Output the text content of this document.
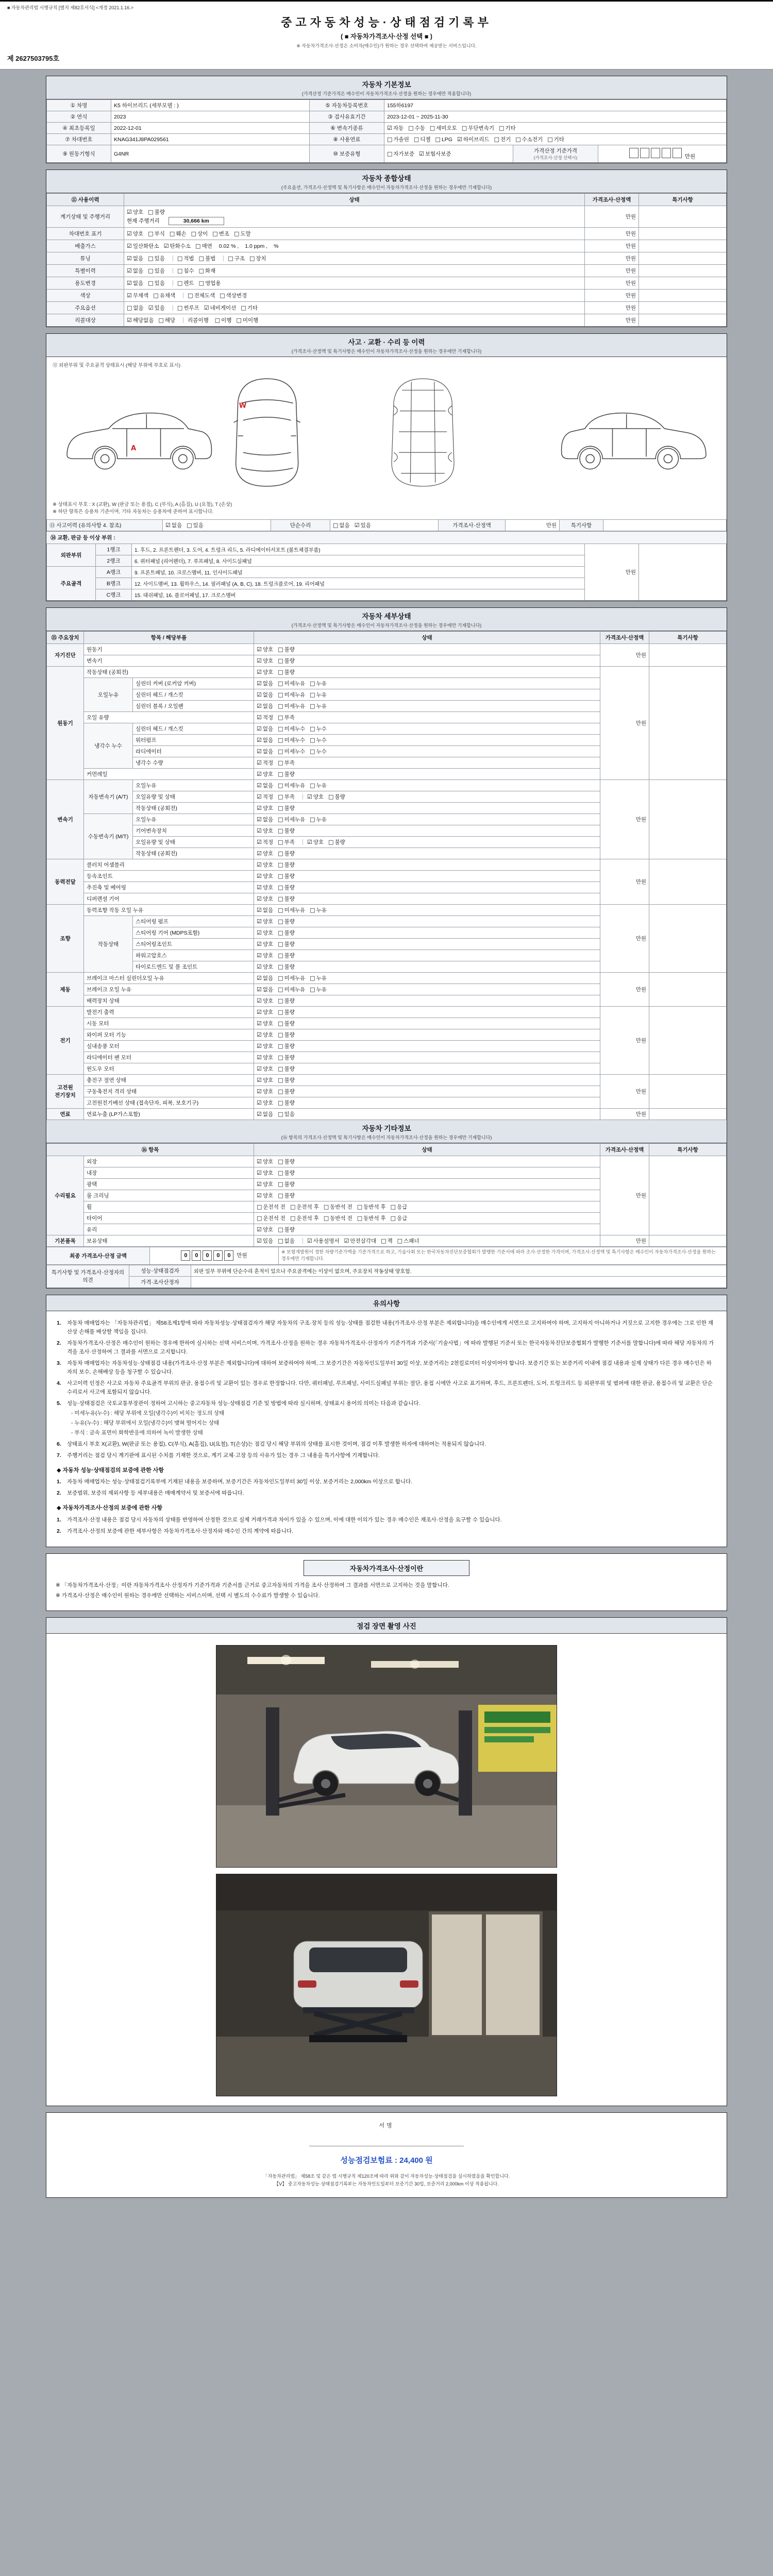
■ 자동차관리법 시행규칙 [별지 제82호서식] <개정 2021.1.16.>
중고자동차성능·상태점검기록부
( ■ 자동차가격조사·산정 선택 ■ )
※ 자동차가격조사·산정은 소비자(매수인)가 원하는 경우 선택하여 제공받는 서비스입니다.
제 2627503795호
자동차 기본정보
(가격산정 기준가격은 매수인이 자동차가격조사·산정을 원하는 경우에만 적용합니다)
① 차명	K5 하이브리드 (세부모델 : )	⑤ 자동차등록번호	155하6197		
② 연식	2023	③ 검사유효기간	2023-12-01 ~ 2025-11-30		
④ 최초등록일	2022-12-01	⑥ 변속기종류	☑ 자동 □ 수동 □ 세미오토 □ 무단변속기 □ 기타		
⑦ 차대번호	KNAG341J8PA029561	⑧ 사용연료	□ 가솔린 □ 디젤 □ LPG ☑ 하이브리드 □ 전기 □ 수소전기 □ 기타		
⑨ 원동기형식	G4NR	⑩ 보증유형	□ 자가보증 ☑ 보험사보증	가격산정 기준가격
(가격조사·산정 선택시)	만원
자동차 종합상태
(주요옵션, 가격조사·산정액 및 특기사항은 매수인이 자동차가격조사·산정을 원하는 경우에만 기재합니다)
⑪ 사용이력	상태	가격조사·산정액	특기사항
계기상태 및 주행거리	☑ 양호 □ 불량
현재 주행거리 30,666 km	만원	
차대번호 표기	☑ 양호 □ 부식 □ 훼손 □ 상이 □ 변조 □ 도말	만원	
배출가스	☑ 일산화탄소 ☑ 탄화수소 □ 매연 0.02 % , 1.0 ppm , %	만원	
튜닝	☑ 없음 □ 있음 □ 적법 □ 불법 □ 구조 □ 장치	만원	
특별이력	☑ 없음 □ 있음 □ 침수 □ 화재	만원	
용도변경	☑ 없음 □ 있음 □ 렌트 □ 영업용	만원	
색상	☑ 무채색 □ 유채색 □ 전체도색 □ 색상변경	만원	
주요옵션	□ 없음 ☑ 있음 □ 썬루프 ☑ 네비게이션 □ 기타	만원	
리콜대상	☑ 해당없음 □ 해당 리콜이행 □ 이행 □ 미이행	만원	
사고 · 교환 · 수리 등 이력
(가격조사·산정액 및 특기사항은 매수인이 자동차가격조사·산정을 원하는 경우에만 기재합니다)
⑫ 외판부위 및 주요골격 상태표시 (해당 부위에 부호로 표시)
W
A
※ 상태표시 부호 : X (교환), W (판금 또는 용접), C (부식), A (흠집), U (요철), T (손상)
※ 하단 항목은 승용차 기준이며, 기타 자동차는 승용차에 준하여 표시합니다.
⑬ 사고이력 (유의사항 4. 참조)	☑ 없음 □ 있음	단순수리	□ 없음 ☑ 있음	가격조사·산정액	만원	특기사항	
⑭ 교환, 판금 등 이상 부위 :
외판부위	1랭크	1. 후드, 2. 프론트펜더, 3. 도어, 4. 트렁크 리드, 5. 라디에이터서포트 (볼트체결부품)	만원	
	2랭크	6. 쿼터패널 (리어펜더), 7. 루프패널, 8. 사이드실패널		
주요골격	A랭크	9. 프론트패널, 10. 크로스멤버, 11. 인사이드패널		
	B랭크	12. 사이드멤버, 13. 휠하우스, 14. 필러패널 (A, B, C), 18. 트렁크플로어, 19. 리어패널		
	C랭크	15. 대쉬패널, 16. 플로어패널, 17. 크로스멤버		
자동차 세부상태
(가격조사·산정액 및 특기사항은 매수인이 자동차가격조사·산정을 원하는 경우에만 기재합니다)
⑮ 주요장치	항목 / 해당부품		상태	가격조사·산정액	특기사항
자기진단	원동기		☑ 양호 □ 불량	만원	
	변속기		☑ 양호 □ 불량		
원동기	작동상태 (공회전)		☑ 양호 □ 불량	만원	
	오일누유	실린더 커버 (로커암 커버)	☑ 없음 □ 미세누유 □ 누유		
		실린더 헤드 / 개스킷	☑ 없음 □ 미세누유 □ 누유		
		실린더 블록 / 오일팬	☑ 없음 □ 미세누유 □ 누유		
	오일 유량		☑ 적정 □ 부족		
	냉각수 누수	실린더 헤드 / 개스킷	☑ 없음 □ 미세누수 □ 누수		
		워터펌프	☑ 없음 □ 미세누수 □ 누수		
		라디에이터	☑ 없음 □ 미세누수 □ 누수		
		냉각수 수량	☑ 적정 □ 부족		
	커먼레일		☑ 양호 □ 불량		
변속기	자동변속기 (A/T)	오일누유	☑ 없음 □ 미세누유 □ 누유	만원	
		오일유량 및 상태	☑ 적정 □ 부족 ☑ 양호 □ 불량		
		작동상태 (공회전)	☑ 양호 □ 불량		
	수동변속기 (M/T)	오일누유	☑ 없음 □ 미세누유 □ 누유		
		기어변속장치	☑ 양호 □ 불량		
		오일유량 및 상태	☑ 적정 □ 부족 ☑ 양호 □ 불량		
		작동상태 (공회전)	☑ 양호 □ 불량		
동력전달	클러치 어셈블리		☑ 양호 □ 불량	만원	
	등속조인트		☑ 양호 □ 불량		
	추진축 및 베어링		☑ 양호 □ 불량		
	디퍼렌셜 기어		☑ 양호 □ 불량		
조향	동력조향 작동 오일 누유		☑ 없음 □ 미세누유 □ 누유	만원	
	작동상태	스티어링 펌프	☑ 양호 □ 불량		
		스티어링 기어 (MDPS포함)	☑ 양호 □ 불량		
		스티어링조인트	☑ 양호 □ 불량		
		파워고압호스	☑ 양호 □ 불량		
		타이로드엔드 및 볼 조인트	☑ 양호 □ 불량		
제동	브레이크 마스터 실린더오일 누유		☑ 없음 □ 미세누유 □ 누유	만원	
	브레이크 오일 누유		☑ 없음 □ 미세누유 □ 누유		
	배력장치 상태		☑ 양호 □ 불량		
전기	발전기 출력		☑ 양호 □ 불량	만원	
	시동 모터		☑ 양호 □ 불량		
	와이퍼 모터 기능		☑ 양호 □ 불량		
	실내송풍 모터		☑ 양호 □ 불량		
	라디에이터 팬 모터		☑ 양호 □ 불량		
	윈도우 모터		☑ 양호 □ 불량		
고전원 전기장치	충전구 절연 상태		☑ 양호 □ 불량	만원	
	구동축전지 격리 상태		☑ 양호 □ 불량		
	고전원전기배선 상태 (접속단자, 피복, 보호기구)		☑ 양호 □ 불량		
연료	연료누출 (LP가스포함)		☑ 없음 □ 있음	만원	
자동차 기타정보
(⑯ 항목의 가격조사·산정액 및 특기사항은 매수인이 자동차가격조사·산정을 원하는 경우에만 기재합니다)
⑯ 항목		상태	가격조사·산정액	특기사항
수리필요	외장	☑ 양호 □ 불량	만원	
	내장	☑ 양호 □ 불량		
	광택	☑ 양호 □ 불량		
	룸 크리닝	☑ 양호 □ 불량		
	휠	□ 운전석 전 □ 운전석 후 □ 동반석 전 □ 동반석 후 □ 응급		
	타이어	□ 운전석 전 □ 운전석 후 □ 동반석 전 □ 동반석 후 □ 응급		
	유리	☑ 양호 □ 불량		
기본품목	보유상태	☑ 있음 □ 없음 ☑ 사용설명서 ☑ 안전삼각대 □ 잭 □ 스패너	만원	
최종 가격조사·산정 금액	0 0 0 0 0 만원	※ 보험개발원이 정한 차량기준가액을 기준가격으로 하고, 기술사회 또는 한국자동차진단보증협회가 발행한 기준서에 따라 조사·산정한 가격이며, 가격조사·산정액 및 특기사항은 매수인이 자동차가격조사·산정을 원하는 경우에만 기재합니다.
특기사항 및 가격조사·산정자의 의견	성능·상태점검자	외판 일부 부위에 단순수리 흔적이 있으나 주요골격에는 이상이 없으며, 주요장치 작동상태 양호함.
	가격·조사산정자	
유의사항
1.	자동차 매매업자는 「자동차관리법」 제58조제1항에 따라 자동차성능·상태점검자가 해당 자동차의 구조·장치 등의 성능·상태를 점검한 내용(가격조사·산정 부분은 제외합니다)을 매수인에게 서면으로 고지하여야 하며, 고지하지 아니하거나 거짓으로 고지한 경우에는 그로 인한 재산상 손해를 배상할 책임을 집니다.
2.	자동차가격조사·산정은 매수인이 원하는 경우에 한하여 실시하는 선택 서비스이며, 가격조사·산정을 원하는 경우 자동차가격조사·산정자가 기준가격과 기준서(「기술사법」에 따라 발행된 기준서 또는 한국자동차진단보증협회가 발행한 기준서를 말합니다)에 따라 해당 자동차의 가격을 조사·산정하여 그 결과를 서면으로 고지합니다.
3.	자동차 매매업자는 자동차성능·상태점검 내용(가격조사·산정 부분은 제외합니다)에 대하여 보증하여야 하며, 그 보증기간은 자동차인도일부터 30일 이상, 보증거리는 2천킬로미터 이상이어야 합니다. 보증기간 또는 보증거리 이내에 점검 내용과 실제 상태가 다른 경우 매수인은 하자의 보수, 손해배상 등을 청구할 수 있습니다.
4.	사고이력 인정은 사고로 자동차 주요골격 부위의 판금, 용접수리 및 교환이 있는 경우로 한정합니다. 다만, 쿼터패널, 루프패널, 사이드실패널 부위는 절단, 용접 시에만 사고로 표기하며, 후드, 프론트펜더, 도어, 트렁크리드 등 외판부위 및 범퍼에 대한 판금, 용접수리 및 교환은 단순수리로서 사고에 포함되지 않습니다.
5.	성능·상태점검은 국토교통부장관이 정하여 고시하는 중고자동차 성능·상태점검 기준 및 방법에 따라 실시하며, 상태표시 용어의 의미는 다음과 같습니다.
- 미세누유(누수) : 해당 부위에 오일(냉각수)이 비치는 정도의 상태
- 누유(누수) : 해당 부위에서 오일(냉각수)이 맺혀 떨어지는 상태
- 부식 : 금속 표면이 화학반응에 의하여 녹이 발생한 상태
6.	상태표시 부호 X(교환), W(판금 또는 용접), C(부식), A(흠집), U(요철), T(손상)는 점검 당시 해당 부위의 상태를 표시한 것이며, 점검 이후 발생한 하자에 대하여는 적용되지 않습니다.
7.	주행거리는 점검 당시 계기판에 표시된 수치를 기재한 것으로, 계기 교체·고장 등의 사유가 있는 경우 그 내용을 특기사항에 기재합니다.
◆ 자동차 성능·상태점검의 보증에 관한 사항
1.	자동차 매매업자는 성능·상태점검기록부에 기재된 내용을 보증하며, 보증기간은 자동차인도일부터 30일 이상, 보증거리는 2,000km 이상으로 합니다.
2.	보증범위, 보증의 제외사항 등 세부내용은 매매계약서 및 보증서에 따릅니다.
◆ 자동차가격조사·산정의 보증에 관한 사항
1.	가격조사·산정 내용은 점검 당시 자동차의 상태를 반영하여 산정한 것으로 실제 거래가격과 차이가 있을 수 있으며, 이에 대한 이의가 있는 경우 매수인은 재조사·산정을 요구할 수 있습니다.
2.	가격조사·산정의 보증에 관한 세부사항은 자동차가격조사·산정자와 매수인 간의 계약에 따릅니다.
자동차가격조사·산정이란
※ 「자동차가격조사·산정」이란 자동차가격조사·산정자가 기준가격과 기준서를 근거로 중고자동차의 가격을 조사·산정하여 그 결과를 서면으로 고지하는 것을 말합니다.
※ 가격조사·산정은 매수인이 원하는 경우에만 선택하는 서비스이며, 선택 시 별도의 수수료가 발생할 수 있습니다.
점검 장면 촬영 사진
서명
성능점검보험료 : 24,400 원
「자동차관리법」 제58조 및 같은 법 시행규칙 제120조에 따라 위와 같이 자동차성능·상태점검을 실시하였음을 확인합니다.
【Ⅴ】 중고자동차성능·상태점검기록부는 자동차인도일부터 보증기간 30일, 보증거리 2,000km 이상 적용됩니다.
